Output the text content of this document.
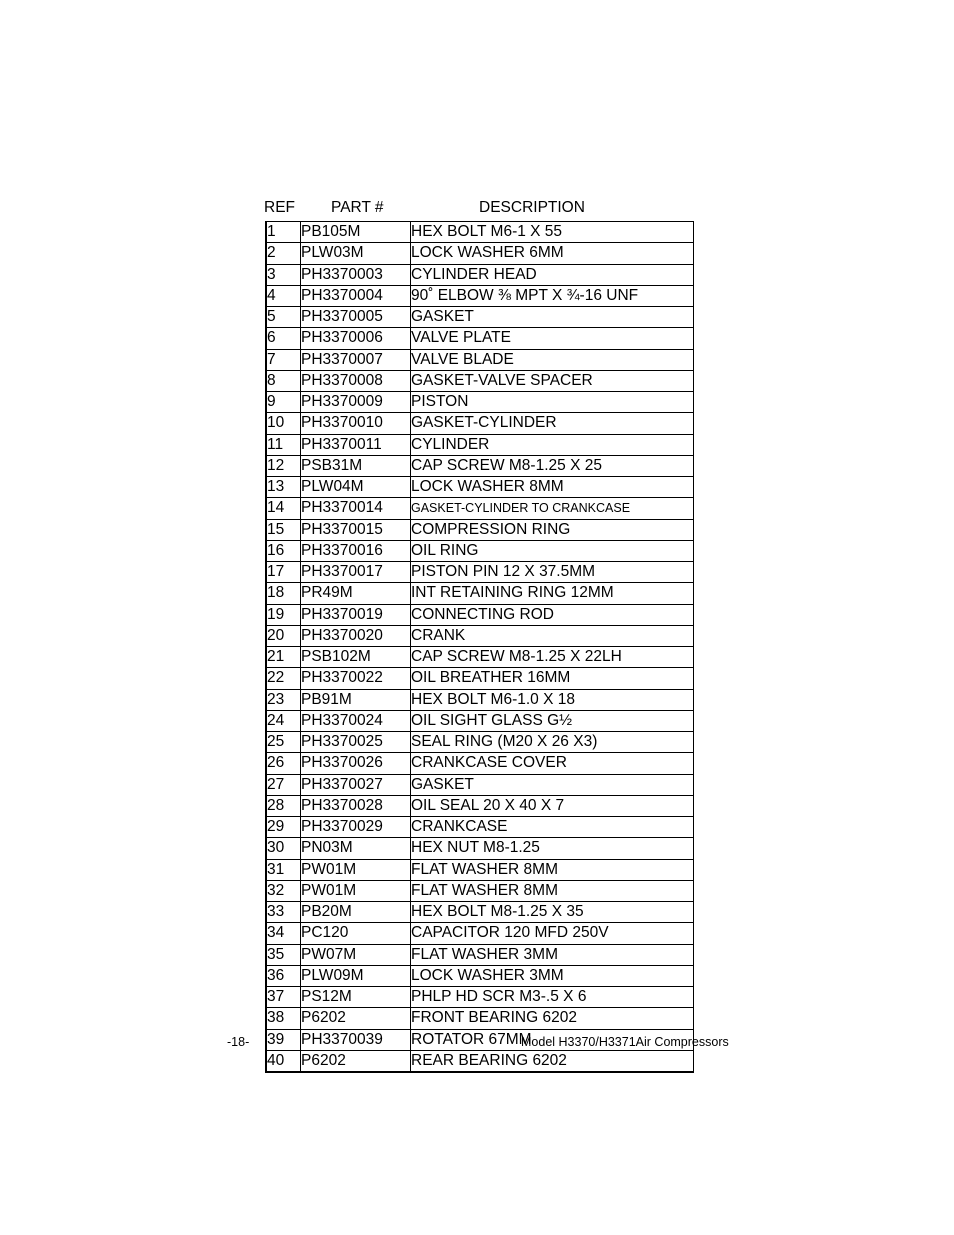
REF PART #	DESCRIPTION
1	PB105M	HEX BOLT M6-1 X 55
2	PLW03M	LOCK WASHER 6MM
3	PH3370003	CYLINDER HEAD
4	PH3370004	90˚ ELBOW ⅜ MPT X ¾-16 UNF
5	PH3370005	GASKET
6	PH3370006	VALVE PLATE
7	PH3370007	VALVE BLADE
8	PH3370008	GASKET-VALVE SPACER
9	PH3370009	PISTON
10	PH3370010	GASKET-CYLINDER
11	PH3370011	CYLINDER
12	PSB31M	CAP SCREW M8-1.25 X 25
13	PLW04M	LOCK WASHER 8MM
14	PH3370014	GASKET-CYLINDER TO CRANKCASE
15	PH3370015	COMPRESSION RING
16	PH3370016	OIL RING
17	PH3370017	PISTON PIN 12 X 37.5MM
18	PR49M	INT RETAINING RING 12MM
19	PH3370019	CONNECTING ROD
20	PH3370020	CRANK
21	PSB102M	CAP SCREW M8-1.25 X 22LH
22	PH3370022	OIL BREATHER 16MM
23	PB91M	HEX BOLT M6-1.0 X 18
24	PH3370024	OIL SIGHT GLASS G½
25	PH3370025	SEAL RING (M20 X 26 X3)
26	PH3370026	CRANKCASE COVER
27	PH3370027	GASKET
28	PH3370028	OIL SEAL 20 X 40 X 7
29	PH3370029	CRANKCASE
30	PN03M	HEX NUT M8-1.25
31	PW01M	FLAT WASHER 8MM
32	PW01M	FLAT WASHER 8MM
33	PB20M	HEX BOLT M8-1.25 X 35
34	PC120	CAPACITOR 120 MFD 250V
35	PW07M	FLAT WASHER 3MM
36	PLW09M	LOCK WASHER 3MM
37	PS12M	PHLP HD SCR M3-.5 X 6
38	P6202	FRONT BEARING 6202
39	PH3370039	ROTATOR 67MM
40	P6202	REAR BEARING 6202
-18-	Model H3370/H3371Air Compressors
